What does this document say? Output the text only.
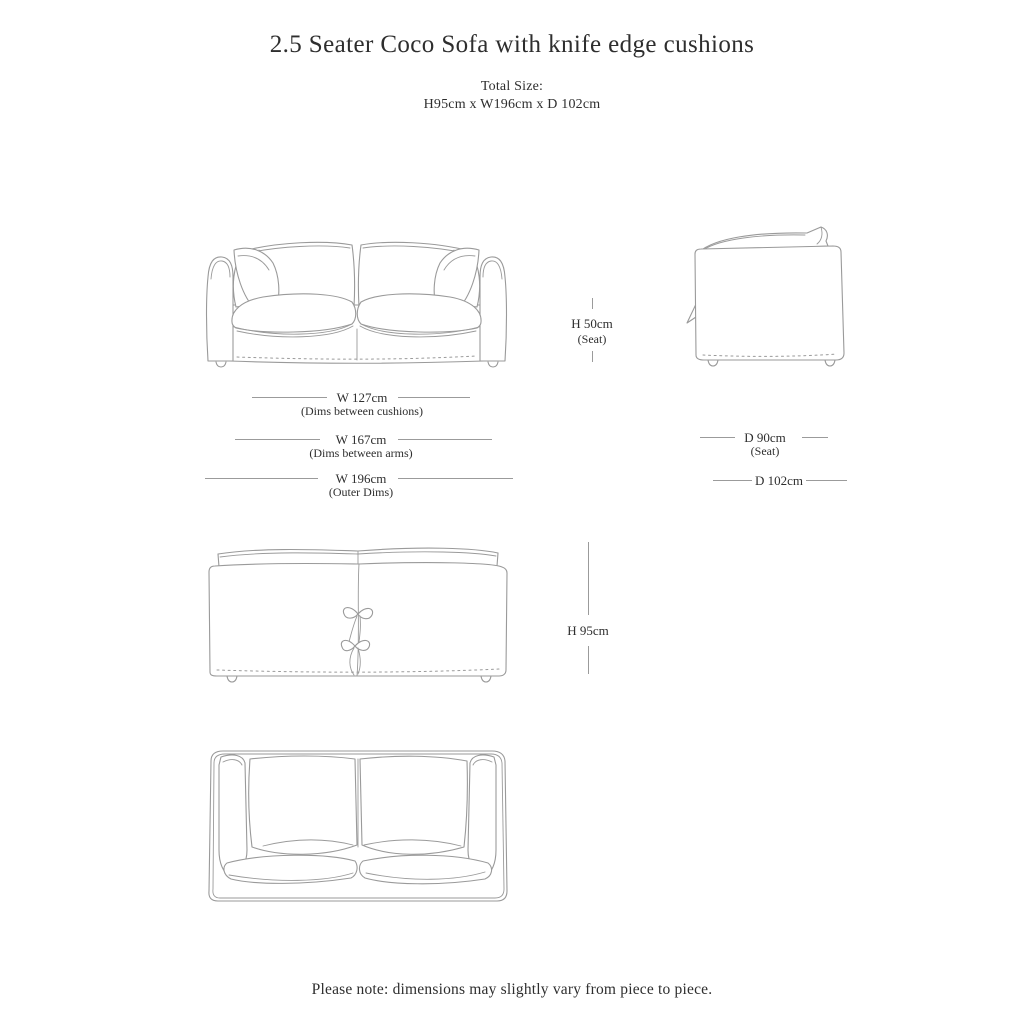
2.5 Seater Coco Sofa with knife edge cushions
Total Size:
H95cm x W196cm x D 102cm
H 50cm
(Seat)
W 127cm
(Dims between cushions)
W 167cm
(Dims between arms)
W 196cm
(Outer Dims)
D 90cm
(Seat)
D 102cm
H 95cm
Please note: dimensions may slightly vary from piece to piece.
